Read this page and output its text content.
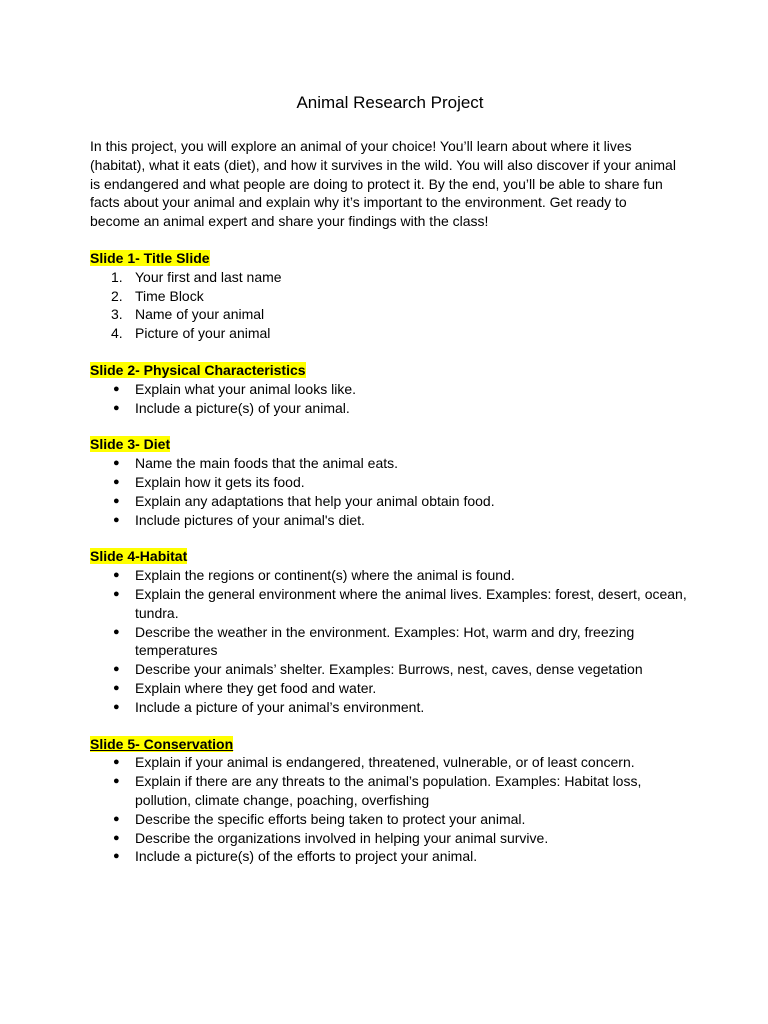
Animal Research Project

In this project, you will explore an animal of your choice! You’ll learn about where it lives (habitat), what it eats (diet), and how it survives in the wild. You will also discover if your animal is endangered and what people are doing to protect it. By the end, you’ll be able to share fun facts about your animal and explain why it’s important to the environment. Get ready to become an animal expert and share your findings with the class!

Slide 1- Title Slide

1. Your first and last name
2. Time Block
3. Name of your animal
4. Picture of your animal

Slide 2- Physical Characteristics

● Explain what your animal looks like.
● Include a picture(s) of your animal.

Slide 3- Diet

● Name the main foods that the animal eats.
● Explain how it gets its food.
● Explain any adaptations that help your animal obtain food.
● Include pictures of your animal's diet.

Slide 4-Habitat

● Explain the regions or continent(s) where the animal is found.
● Explain the general environment where the animal lives. Examples: forest, desert, ocean, tundra.
● Describe the weather in the environment. Examples: Hot, warm and dry, freezing temperatures
● Describe your animals’ shelter. Examples: Burrows, nest, caves, dense vegetation
● Explain where they get food and water.
● Include a picture of your animal’s environment.

Slide 5- Conservation

● Explain if your animal is endangered, threatened, vulnerable, or of least concern.
● Explain if there are any threats to the animal’s population. Examples: Habitat loss, pollution, climate change, poaching, overfishing
● Describe the specific efforts being taken to protect your animal.
● Describe the organizations involved in helping your animal survive.
● Include a picture(s) of the efforts to project your animal.
